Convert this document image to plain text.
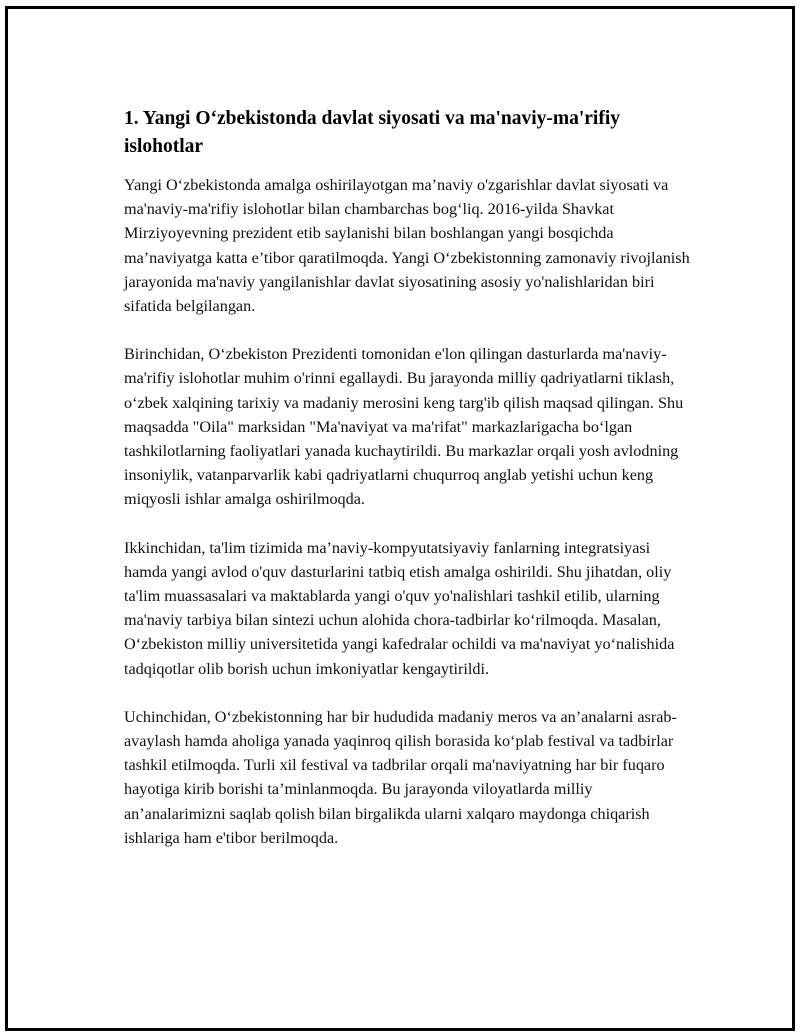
1. Yangi O‘zbekistonda davlat siyosati va ma'naviy-ma'rifiy islohotlar

Yangi O‘zbekistonda amalga oshirilayotgan ma’naviy o'zgarishlar davlat siyosati va ma'naviy-ma'rifiy islohotlar bilan chambarchas bog‘liq. 2016-yilda Shavkat Mirziyoyevning prezident etib saylanishi bilan boshlangan yangi bosqichda ma’naviyatga katta e’tibor qaratilmoqda. Yangi O‘zbekistonning zamonaviy rivojlanish jarayonida ma'naviy yangilanishlar davlat siyosatining asosiy yo'nalishlaridan biri sifatida belgilangan.

Birinchidan, O‘zbekiston Prezidenti tomonidan e'lon qilingan dasturlarda ma'naviy-ma'rifiy islohotlar muhim o'rinni egallaydi. Bu jarayonda milliy qadriyatlarni tiklash, o‘zbek xalqining tarixiy va madaniy merosini keng targ'ib qilish maqsad qilingan. Shu maqsadda "Oila" marksidan "Ma'naviyat va ma'rifat" markazlarigacha bo‘lgan tashkilotlarning faoliyatlari yanada kuchaytirildi. Bu markazlar orqali yosh avlodning insoniylik, vatanparvarlik kabi qadriyatlarni chuqurroq anglab yetishi uchun keng miqyosli ishlar amalga oshirilmoqda.

Ikkinchidan, ta'lim tizimida ma’naviy-kompyutatsiyaviy fanlarning integratsiyasi hamda yangi avlod o'quv dasturlarini tatbiq etish amalga oshirildi. Shu jihatdan, oliy ta'lim muassasalari va maktablarda yangi o'quv yo'nalishlari tashkil etilib, ularning ma'naviy tarbiya bilan sintezi uchun alohida chora-tadbirlar ko‘rilmoqda. Masalan, O‘zbekiston milliy universitetida yangi kafedralar ochildi va ma'naviyat yo‘nalishida tadqiqotlar olib borish uchun imkoniyatlar kengaytirildi.

Uchinchidan, O‘zbekistonning har bir hududida madaniy meros va an’analarni asrab-avaylash hamda aholiga yanada yaqinroq qilish borasida ko‘plab festival va tadbirlar tashkil etilmoqda. Turli xil festival va tadbrilar orqali ma'naviyatning har bir fuqaro hayotiga kirib borishi ta’minlanmoqda. Bu jarayonda viloyatlarda milliy an’analarimizni saqlab qolish bilan birgalikda ularni xalqaro maydonga chiqarish ishlariga ham e'tibor berilmoqda.
